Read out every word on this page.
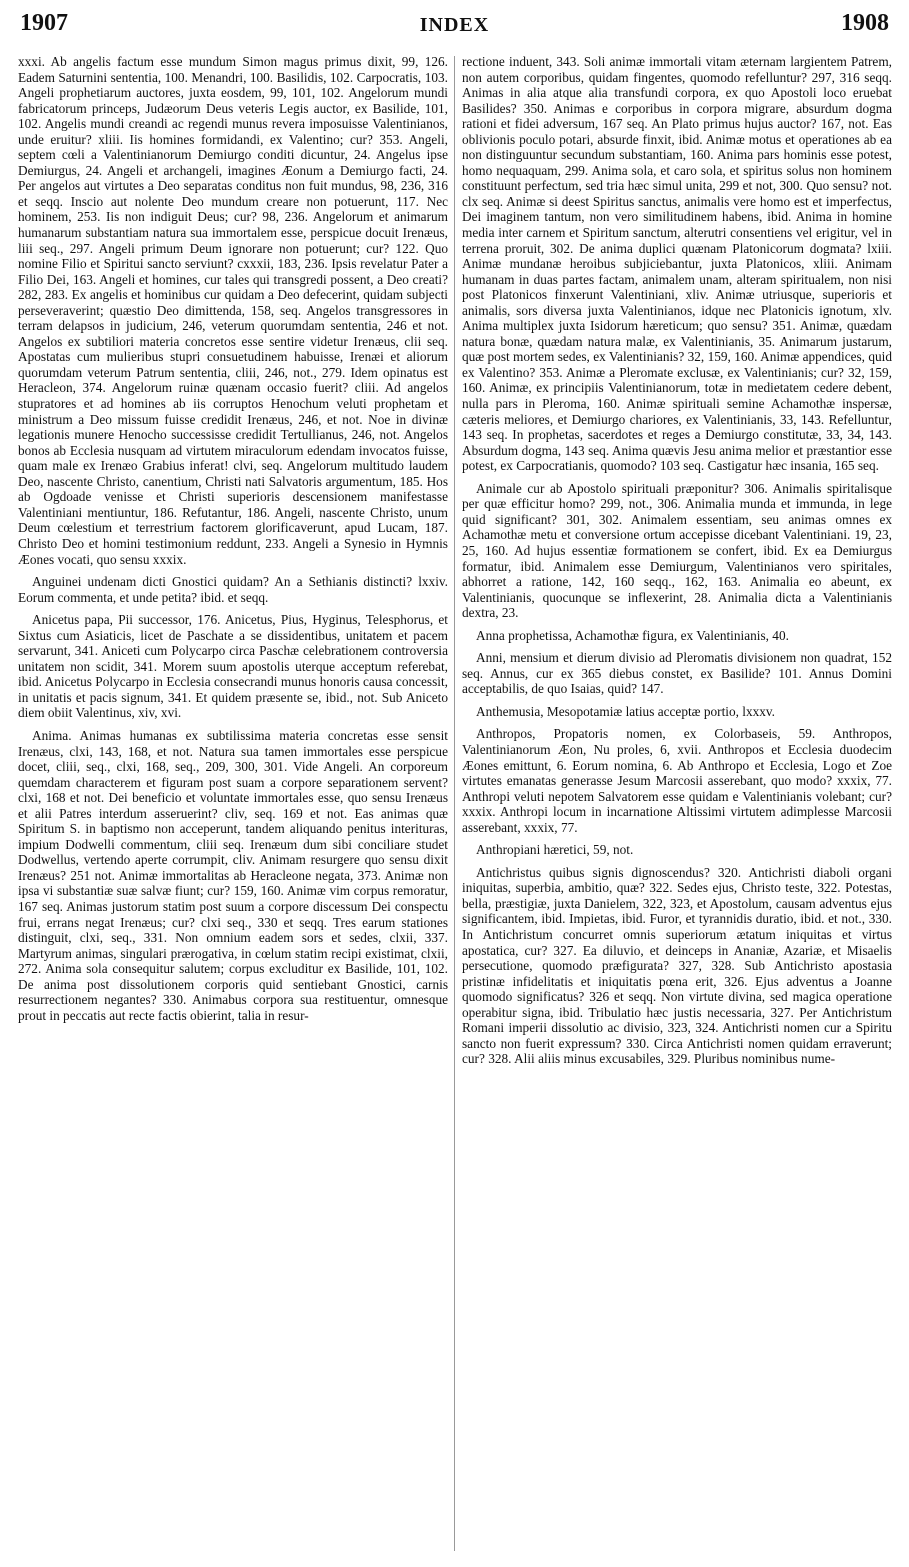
1907	INDEX	1908

xxxi. Ab angelis factum esse mundum Simon magus primus dixit, 99, 126. Eadem Saturnini sententia, 100. Menandri, 100. Basilidis, 102. Carpocratis, 103. Angeli prophetiarum auctores, juxta eosdem, 99, 101, 102. Angelorum mundi fabricatorum princeps, Judæorum Deus veteris Legis auctor, ex Basilide, 101, 102. Angelis mundi creandi ac regendi munus revera imposuisse Valentinianos, unde eruitur? xliii. Iis homines formidandi, ex Valentino; cur? 353. Angeli, septem cœli a Valentinianorum Demiurgo conditi dicuntur, 24. Angelus ipse Demiurgus, 24. Angeli et archangeli, imagines Æonum a Demiurgo facti, 24. Per angelos aut virtutes a Deo separatas conditus non fuit mundus, 98, 236, 316 et seqq. Inscio aut nolente Deo mundum creare non potuerunt, 117. Nec hominem, 253. Iis non indiguit Deus; cur? 98, 236. Angelorum et animarum humanarum substantiam natura sua immortalem esse, perspicue docuit Irenæus, liii seq., 297. Angeli primum Deum ignorare non potuerunt; cur? 122. Quo nomine Filio et Spiritui sancto serviunt? cxxxii, 183, 236. Ipsis revelatur Pater a Filio Dei, 163. Angeli et homines, cur tales qui transgredi possent, a Deo creati? 282, 283. Ex angelis et hominibus cur quidam a Deo defecerint, quidam subjecti perseveraverint; quæstio Deo dimittenda, 158, seq. Angelos transgressores in terram delapsos in judicium, 246, veterum quorumdam sententia, 246 et not. Angelos ex subtiliori materia concretos esse sentire videtur Irenæus, clii seq. Apostatas cum mulieribus stupri consuetudinem habuisse, Irenæi et aliorum quorumdam veterum Patrum sententia, cliii, 246, not., 279. Idem opinatus est Heracleon, 374. Angelorum ruinæ quænam occasio fuerit? cliii. Ad angelos stupratores et ad homines ab iis corruptos Henochum veluti prophetam et ministrum a Deo missum fuisse credidit Irenæus, 246, et not. Noe in divinæ legationis munere Henocho successisse credidit Tertullianus, 246, not. Angelos bonos ab Ecclesia nusquam ad virtutem miraculorum edendam invocatos fuisse, quam male ex Irenæo Grabius inferat! clvi, seq. Angelorum multitudo laudem Deo, nascente Christo, canentium, Christi nati Salvatoris argumentum, 185. Hos ab Ogdoade venisse et Christi superioris descensionem manifestasse Valentiniani mentiuntur, 186. Refutantur, 186. Angeli, nascente Christo, unum Deum cœlestium et terrestrium factorem glorificaverunt, apud Lucam, 187. Christo Deo et homini testimonium reddunt, 233. Angeli a Synesio in Hymnis Æones vocati, quo sensu xxxix.

Anguinei undenam dicti Gnostici quidam? An a Sethianis distincti? lxxiv. Eorum commenta, et unde petita? ibid. et seqq.

Anicetus papa, Pii successor, 176. Anicetus, Pius, Hyginus, Telesphorus, et Sixtus cum Asiaticis, licet de Paschate a se dissidentibus, unitatem et pacem servarunt, 341. Aniceti cum Polycarpo circa Paschæ celebrationem controversia unitatem non scidit, 341. Morem suum apostolis uterque acceptum referebat, ibid. Anicetus Polycarpo in Ecclesia consecrandi munus honoris causa concessit, in unitatis et pacis signum, 341. Et quidem præsente se, ibid., not. Sub Aniceto diem obiit Valentinus, xiv, xvi.

Anima. Animas humanas ex subtilissima materia concretas esse sensit Irenæus, clxi, 143, 168, et not. Natura sua tamen immortales esse perspicue docet, cliii, seq., clxi, 168, seq., 209, 300, 301. Vide Angeli. An corporeum quemdam characterem et figuram post suam a corpore separationem servent? clxi, 168 et not. Dei beneficio et voluntate immortales esse, quo sensu Irenæus et alii Patres interdum asseruerint? cliv, seq. 169 et not. Eas animas quæ Spiritum S. in baptismo non acceperunt, tandem aliquando penitus interituras, impium Dodwelli commentum, cliii seq. Irenæum dum sibi conciliare studet Dodwellus, vertendo aperte corrumpit, cliv. Animam resurgere quo sensu dixit Irenæus? 251 not. Animæ immortalitas ab Heracleone negata, 373. Animæ non ipsa vi substantiæ suæ salvæ fiunt; cur? 159, 160. Animæ vim corpus remoratur, 167 seq. Animas justorum statim post suum a corpore discessum Dei conspectu frui, errans negat Irenæus; cur? clxi seq., 330 et seqq. Tres earum stationes distinguit, clxi, seq., 331. Non omnium eadem sors et sedes, clxii, 337. Martyrum animas, singulari prærogativa, in cœlum statim recipi existimat, clxii, 272. Anima sola consequitur salutem; corpus excluditur ex Basilide, 101, 102. De anima post dissolutionem corporis quid sentiebant Gnostici, carnis resurrectionem negantes? 330. Animabus corpora sua restituentur, omnesque prout in peccatis aut recte factis obierint, talia in resur-

rectione induent, 343. Soli animæ immortali vitam æternam largientem Patrem, non autem corporibus, quidam fingentes, quomodo refelluntur? 297, 316 seqq. Animas in alia atque alia transfundi corpora, ex quo Apostoli loco eruebat Basilides? 350. Animas e corporibus in corpora migrare, absurdum dogma rationi et fidei adversum, 167 seq. An Plato primus hujus auctor? 167, not. Eas oblivionis poculo potari, absurde finxit, ibid. Animæ motus et operationes ab ea non distinguuntur secundum substantiam, 160. Anima pars hominis esse potest, homo nequaquam, 299. Anima sola, et caro sola, et spiritus solus non hominem constituunt perfectum, sed tria hæc simul unita, 299 et not, 300. Quo sensu? not. clx seq. Animæ si deest Spiritus sanctus, animalis vere homo est et imperfectus, Dei imaginem tantum, non vero similitudinem habens, ibid. Anima in homine media inter carnem et Spiritum sanctum, alterutri consentiens vel erigitur, vel in terrena proruit, 302. De anima duplici quænam Platonicorum dogmata? lxiii. Animæ mundanæ heroibus subjiciebantur, juxta Platonicos, xliii. Animam humanam in duas partes factam, animalem unam, alteram spiritualem, non nisi post Platonicos finxerunt Valentiniani, xliv. Animæ utriusque, superioris et animalis, sors diversa juxta Valentinianos, idque nec Platonicis ignotum, xlv. Anima multiplex juxta Isidorum hæreticum; quo sensu? 351. Animæ, quædam natura bonæ, quædam natura malæ, ex Valentinianis, 35. Animarum justarum, quæ post mortem sedes, ex Valentinianis? 32, 159, 160. Animæ appendices, quid ex Valentino? 353. Animæ a Pleromate exclusæ, ex Valentinianis; cur? 32, 159, 160. Animæ, ex principiis Valentinianorum, totæ in medietatem cedere debent, nulla pars in Pleroma, 160. Animæ spirituali semine Achamothæ inspersæ, cæteris meliores, et Demiurgo chariores, ex Valentinianis, 33, 143. Refelluntur, 143 seq. In prophetas, sacerdotes et reges a Demiurgo constitutæ, 33, 34, 143. Absurdum dogma, 143 seq. Anima quævis Jesu anima melior et præstantior esse potest, ex Carpocratianis, quomodo? 103 seq. Castigatur hæc insania, 165 seq.

Animale cur ab Apostolo spirituali præponitur? 306. Animalis spiritalisque per quæ efficitur homo? 299, not., 306. Animalia munda et immunda, in lege quid significant? 301, 302. Animalem essentiam, seu animas omnes ex Achamothæ metu et conversione ortum accepisse dicebant Valentiniani. 19, 23, 25, 160. Ad hujus essentiæ formationem se confert, ibid. Ex ea Demiurgus formatur, ibid. Animalem esse Demiurgum, Valentinianos vero spiritales, abhorret a ratione, 142, 160 seqq., 162, 163. Animalia eo abeunt, ex Valentinianis, quocunque se inflexerint, 28. Animalia dicta a Valentinianis dextra, 23.

Anna prophetissa, Achamothæ figura, ex Valentinianis, 40.

Anni, mensium et dierum divisio ad Pleromatis divisionem non quadrat, 152 seq. Annus, cur ex 365 diebus constet, ex Basilide? 101. Annus Domini acceptabilis, de quo Isaias, quid? 147.

Anthemusia, Mesopotamiæ latius acceptæ portio, lxxxv.

Anthropos, Propatoris nomen, ex Colorbaseis, 59. Anthropos, Valentinianorum Æon, Nu proles, 6, xvii. Anthropos et Ecclesia duodecim Æones emittunt, 6. Eorum nomina, 6. Ab Anthropo et Ecclesia, Logo et Zoe virtutes emanatas generasse Jesum Marcosii asserebant, quo modo? xxxix, 77. Anthropi veluti nepotem Salvatorem esse quidam e Valentinianis volebant; cur? xxxix. Anthropi locum in incarnatione Altissimi virtutem adimplesse Marcosii asserebant, xxxix, 77.

Anthropiani hæretici, 59, not.

Antichristus quibus signis dignoscendus? 320. Antichristi diaboli organi iniquitas, superbia, ambitio, quæ? 322. Sedes ejus, Christo teste, 322. Potestas, bella, præstigiæ, juxta Danielem, 322, 323, et Apostolum, causam adventus ejus significantem, ibid. Impietas, ibid. Furor, et tyrannidis duratio, ibid. et not., 330. In Antichristum concurret omnis superiorum ætatum iniquitas et virtus apostatica, cur? 327. Ea diluvio, et deinceps in Ananiæ, Azariæ, et Misaelis persecutione, quomodo præfigurata? 327, 328. Sub Antichristo apostasia pristinæ infidelitatis et iniquitatis pœna erit, 326. Ejus adventus a Joanne quomodo significatus? 326 et seqq. Non virtute divina, sed magica operatione operabitur signa, ibid. Tribulatio hæc justis necessaria, 327. Per Antichristum Romani imperii dissolutio ac divisio, 323, 324. Antichristi nomen cur a Spiritu sancto non fuerit expressum? 330. Circa Antichristi nomen quidam erraverunt; cur? 328. Alii aliis minus excusabiles, 329. Pluribus nominibus nume-
